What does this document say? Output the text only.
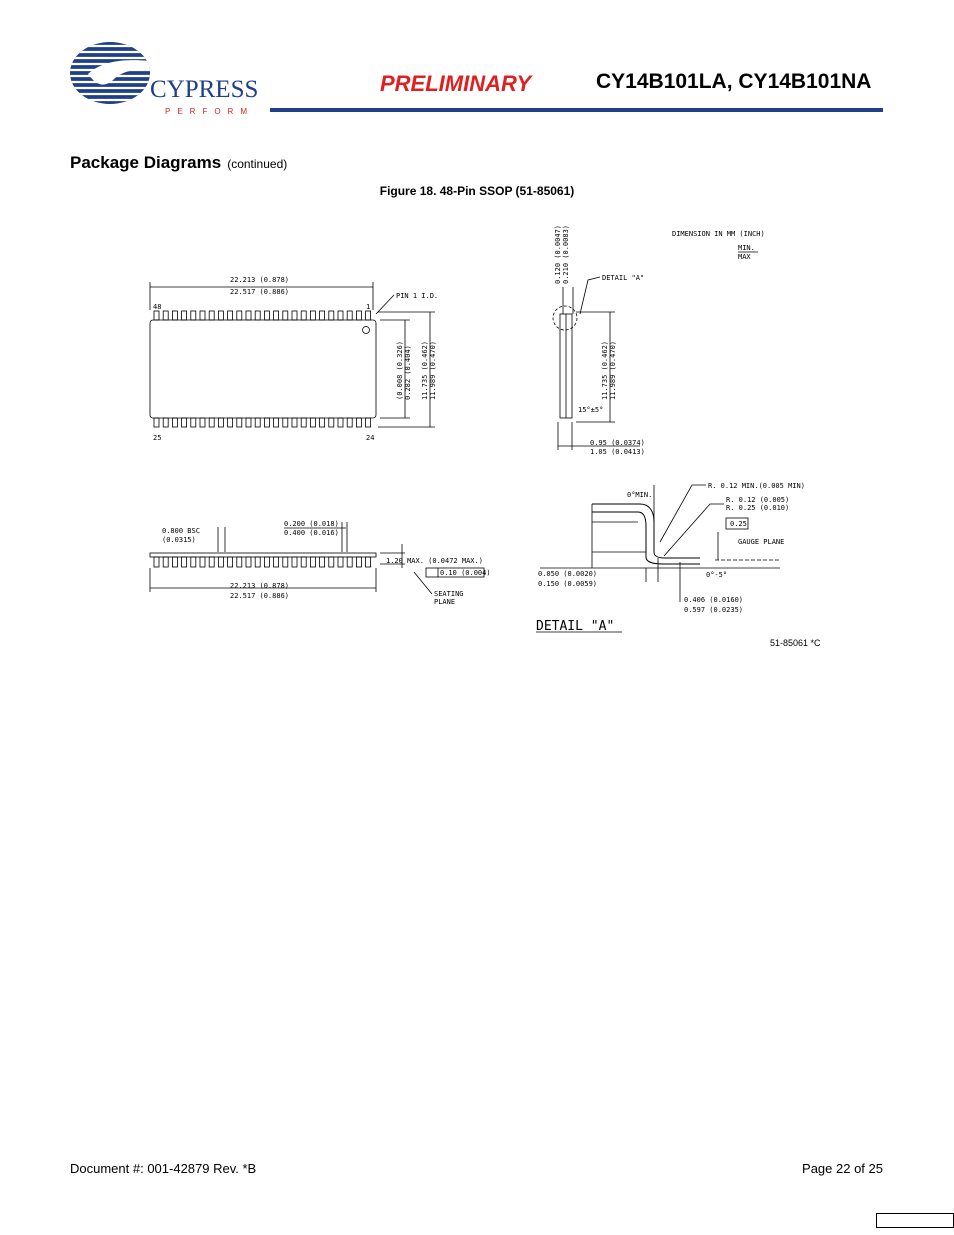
CYPRESS
PERFORM
PRELIMINARY	CY14B101LA, CY14B101NA
Package Diagrams (continued)
Figure 18. 48-Pin SSOP (51-85061)
22.213 (0.878)
22.517 (0.886)	PIN 1 I.D.
48	1
25	24
(0.008 (0.326) 0.282 (0.404) 11.735 (0.462) 11.989 (0.470)
DIMENSION IN MM (INCH)
MIN.
MAX
0.120 (0.0047) 0.210 (0.0083)	DETAIL "A"
11.735 (0.462) 11.989 (0.470)
15°±5°
0.95 (0.0374)
1.05 (0.0413)
0.800 BSC
(0.0315)
0.200 (0.018)
0.400 (0.016)
1.20 MAX. (0.0472 MAX.)
0.10 (0.004)
SEATING
PLANE
22.213 (0.878)
22.517 (0.886)
0°MIN.
R. 0.12 MIN.(0.005 MIN)
R. 0.12 (0.005)
R. 0.25 (0.010)
0.25
GAUGE PLANE
0°-5°
0.050 (0.0020)
0.150 (0.0059)
0.406 (0.0160)
0.597 (0.0235)
DETAIL "A"
51-85061 *C
Document #: 001-42879 Rev. *B	Page 22 of 25
